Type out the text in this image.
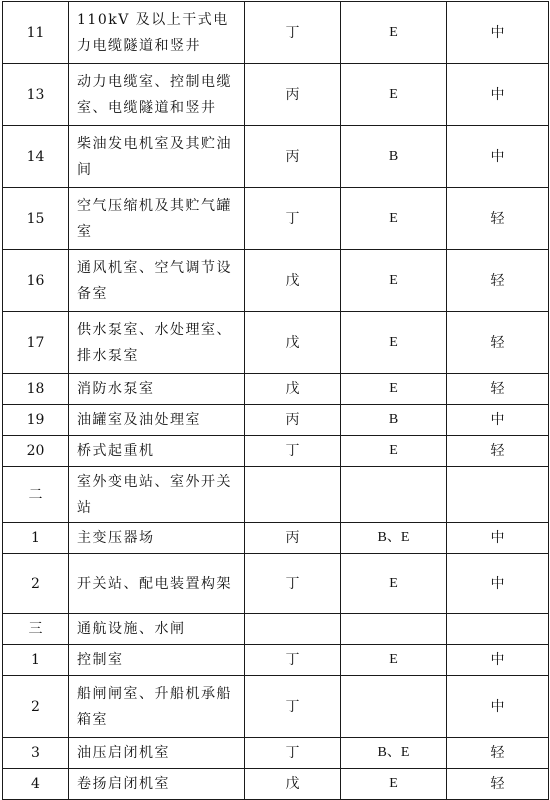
11	110kV 及以上干式电力电缆隧道和竖井	丁	E	中
13	动力电缆室、控制电缆室、电缆隧道和竖井	丙	E	中
14	柴油发电机室及其贮油间	丙	B	中
15	空气压缩机及其贮气罐室	丁	E	轻
16	通风机室、空气调节设备室	戊	E	轻
17	供水泵室、水处理室、排水泵室	戊	E	轻
18	消防水泵室	戊	E	轻
19	油罐室及油处理室	丙	B	中
20	桥式起重机	丁	E	轻
二	室外变电站、室外开关站			
1	主变压器场	丙	B、E	中
2	开关站、配电装置构架	丁	E	中
三	通航设施、水闸			
1	控制室	丁	E	中
2	船闸闸室、升船机承船箱室	丁		中
3	油压启闭机室	丁	B、E	轻
4	卷扬启闭机室	戊	E	轻
